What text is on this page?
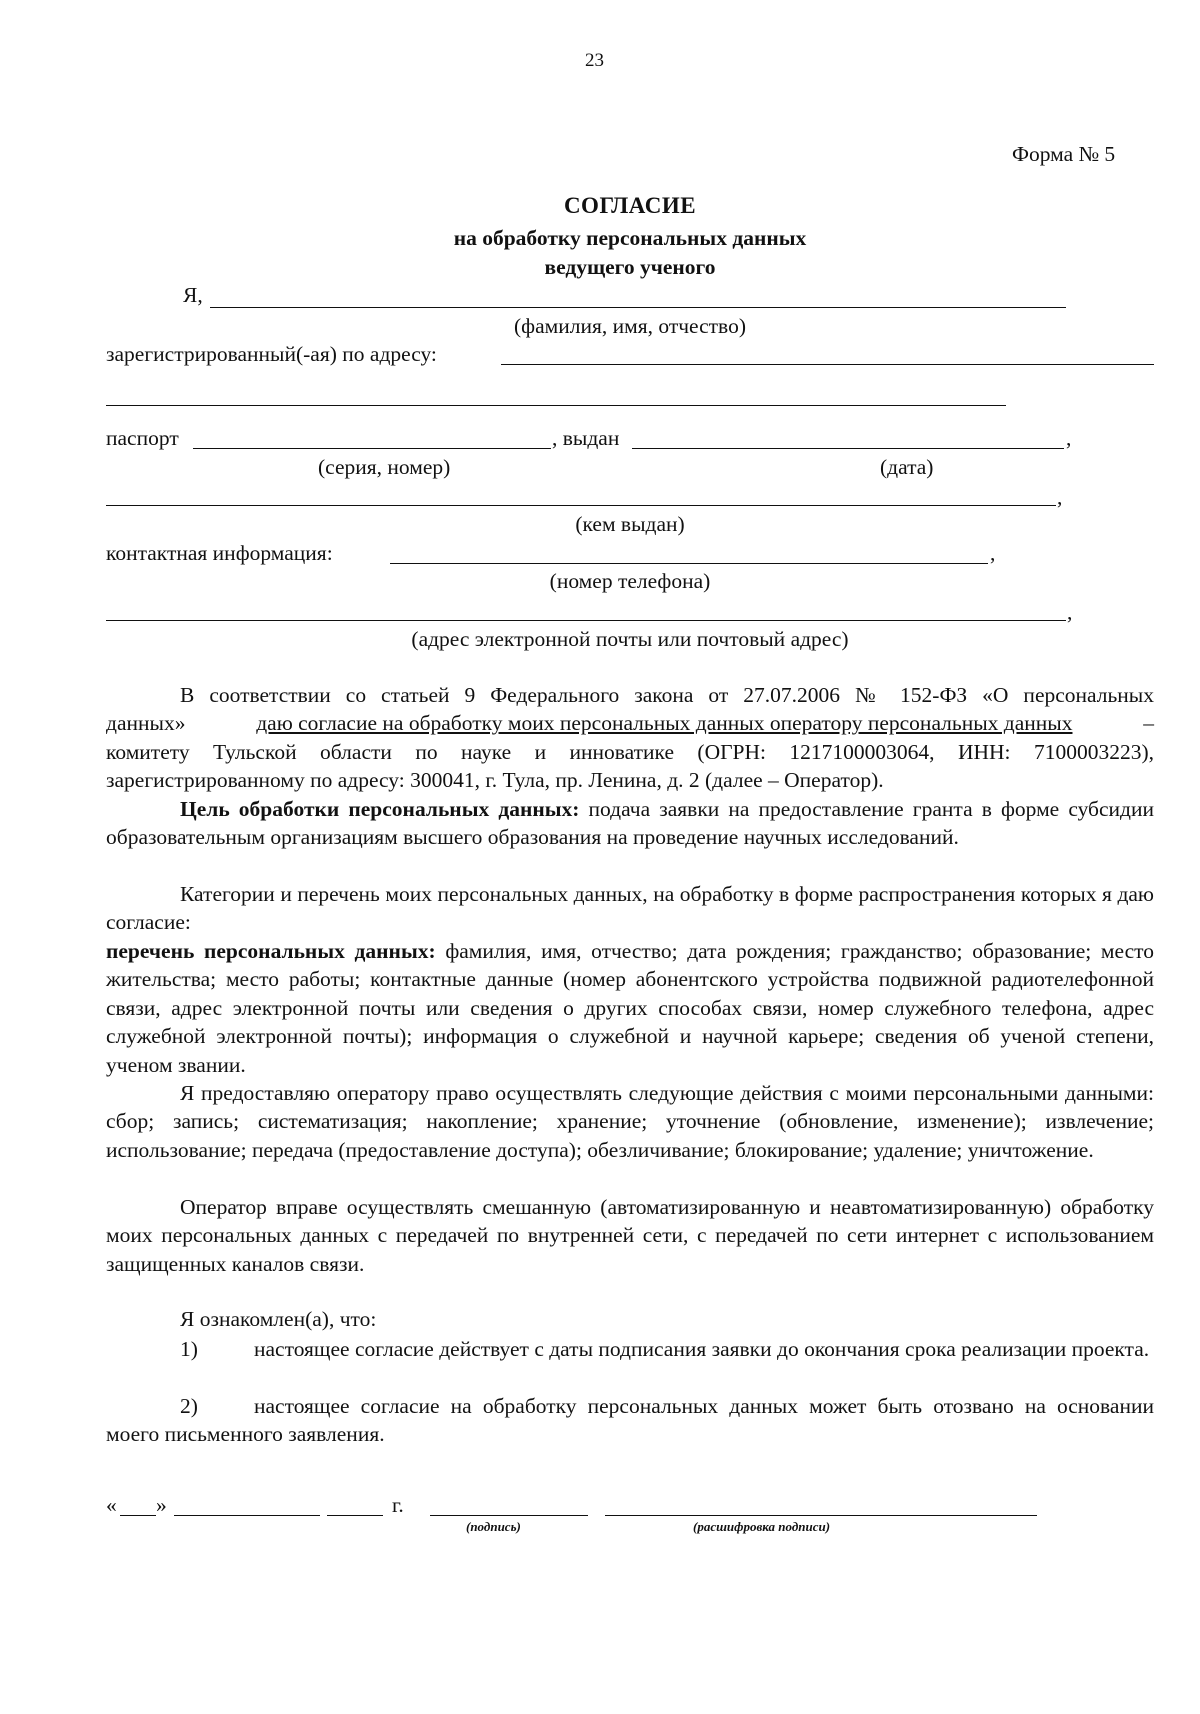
23
Форма № 5
СОГЛАСИЕ
на обработку персональных данных
ведущего ученого
Я,
(фамилия, имя, отчество)
зарегистрированный(-ая) по адресу:
паспорт	, выдан	,
(серия, номер)	(дата)
,
(кем выдан)
контактная информация:	,
(номер телефона)
,
(адрес электронной почты или почтовый адрес)
В соответствии со статьей 9 Федерального закона от 27.07.2006 № 152-ФЗ «О персональных
данных»	даю согласие на обработку моих персональных данных оператору персональных данных	–
комитету Тульской области по науке и инноватике (ОГРН: 1217100003064, ИНН: 7100003223),
зарегистрированному по адресу: 300041, г. Тула, пр. Ленина, д. 2 (далее – Оператор).
Цель обработки персональных данных: подача заявки на предоставление гранта в форме субсидии образовательным организациям высшего образования на проведение научных исследований.
Категории и перечень моих персональных данных, на обработку в форме распространения которых я даю согласие:
перечень персональных данных: фамилия, имя, отчество; дата рождения; гражданство; образование; место жительства; место работы; контактные данные (номер абонентского устройства подвижной радиотелефонной связи, адрес электронной почты или сведения о других способах связи, номер служебного телефона, адрес служебной электронной почты); информация о служебной и научной карьере; сведения об ученой степени, ученом звании.
Я предоставляю оператору право осуществлять следующие действия с моими персональными данными: сбор; запись; систематизация; накопление; хранение; уточнение (обновление, изменение); извлечение; использование; передача (предоставление доступа); обезличивание; блокирование; удаление; уничтожение.
Оператор вправе осуществлять смешанную (автоматизированную и неавтоматизированную) обработку моих персональных данных с передачей по внутренней сети, с передачей по сети интернет с использованием защищенных каналов связи.
Я ознакомлен(а), что:
1)	настоящее согласие действует с даты подписания заявки до окончания срока реализации проекта.
2)	настоящее согласие на обработку персональных данных может быть отозвано на основании моего письменного заявления.
« »	г.
(подпись)	(расшифровка подписи)
